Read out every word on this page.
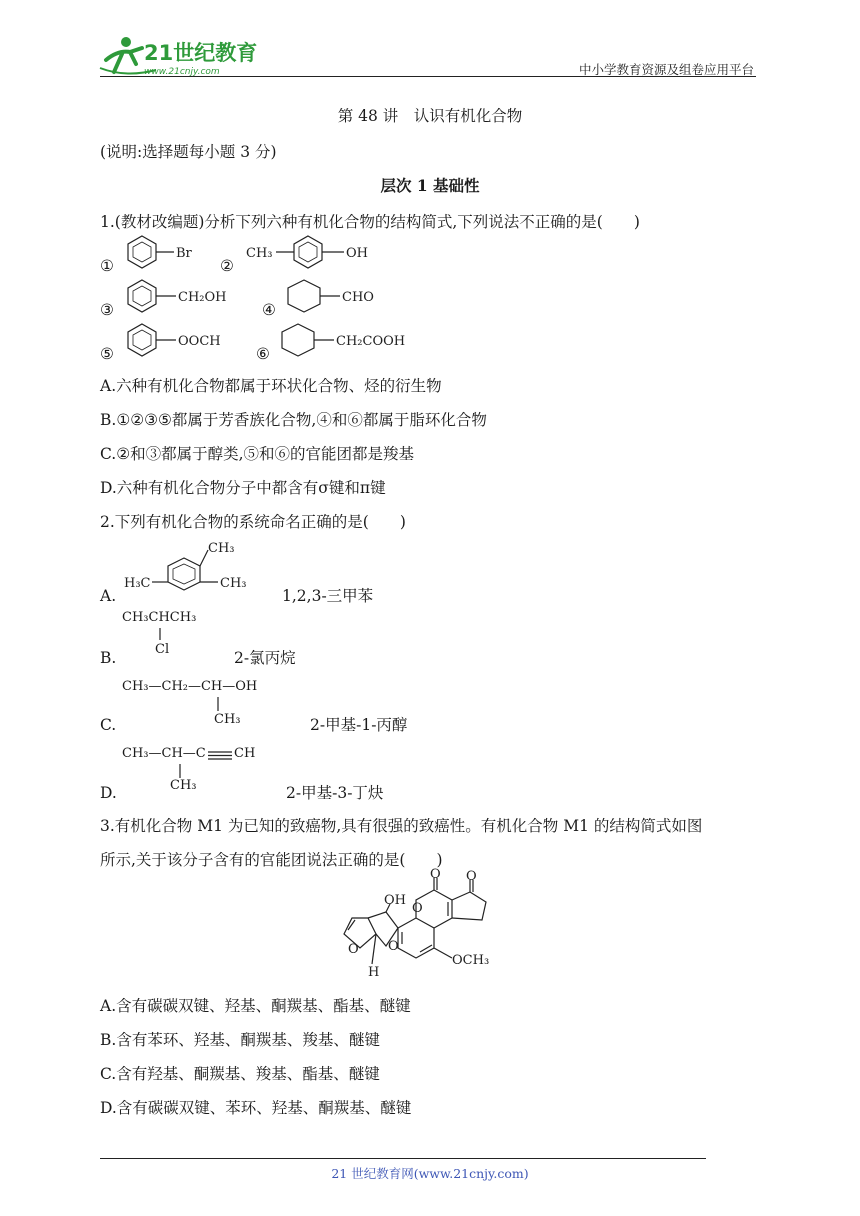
21世纪教育
www.21cnjy.com	中小学教育资源及组卷应用平台
第 48 讲　认识有机化合物
(说明:选择题每小题 3 分)
层次 1 基础性
1.(教材改编题)分析下列六种有机化合物的结构简式,下列说法不正确的是(　　)
①
Br
②
CH₃	OH
③
CH₂OH
④
CHO
⑤
OOCH
⑥
CH₂COOH
A.六种有机化合物都属于环状化合物、烃的衍生物
B.①②③⑤都属于芳香族化合物,④和⑥都属于脂环化合物
C.②和③都属于醇类,⑤和⑥的官能团都是羧基
D.六种有机化合物分子中都含有σ键和π键
2.下列有机化合物的系统命名正确的是(　　)
A.
H₃C
CH₃
CH₃
1,2,3-三甲苯
B.
CH₃CHCH₃
Cl	2-氯丙烷
C.
CH₃—CH₂—CH—OH
CH₃	2-甲基-1-丙醇
D.
CH₃—CH—C CH
CH₃	2-甲基-3-丁炔
3.有机化合物 M1 为已知的致癌物,具有很强的致癌性。有机化合物 M1 的结构简式如图
所示,关于该分子含有的官能团说法正确的是(　　)
O O
O
O O
OH
H
OCH₃
A.含有碳碳双键、羟基、酮羰基、酯基、醚键
B.含有苯环、羟基、酮羰基、羧基、醚键
C.含有羟基、酮羰基、羧基、酯基、醚键
D.含有碳碳双键、苯环、羟基、酮羰基、醚键
21 世纪教育网(www.21cnjy.com)
